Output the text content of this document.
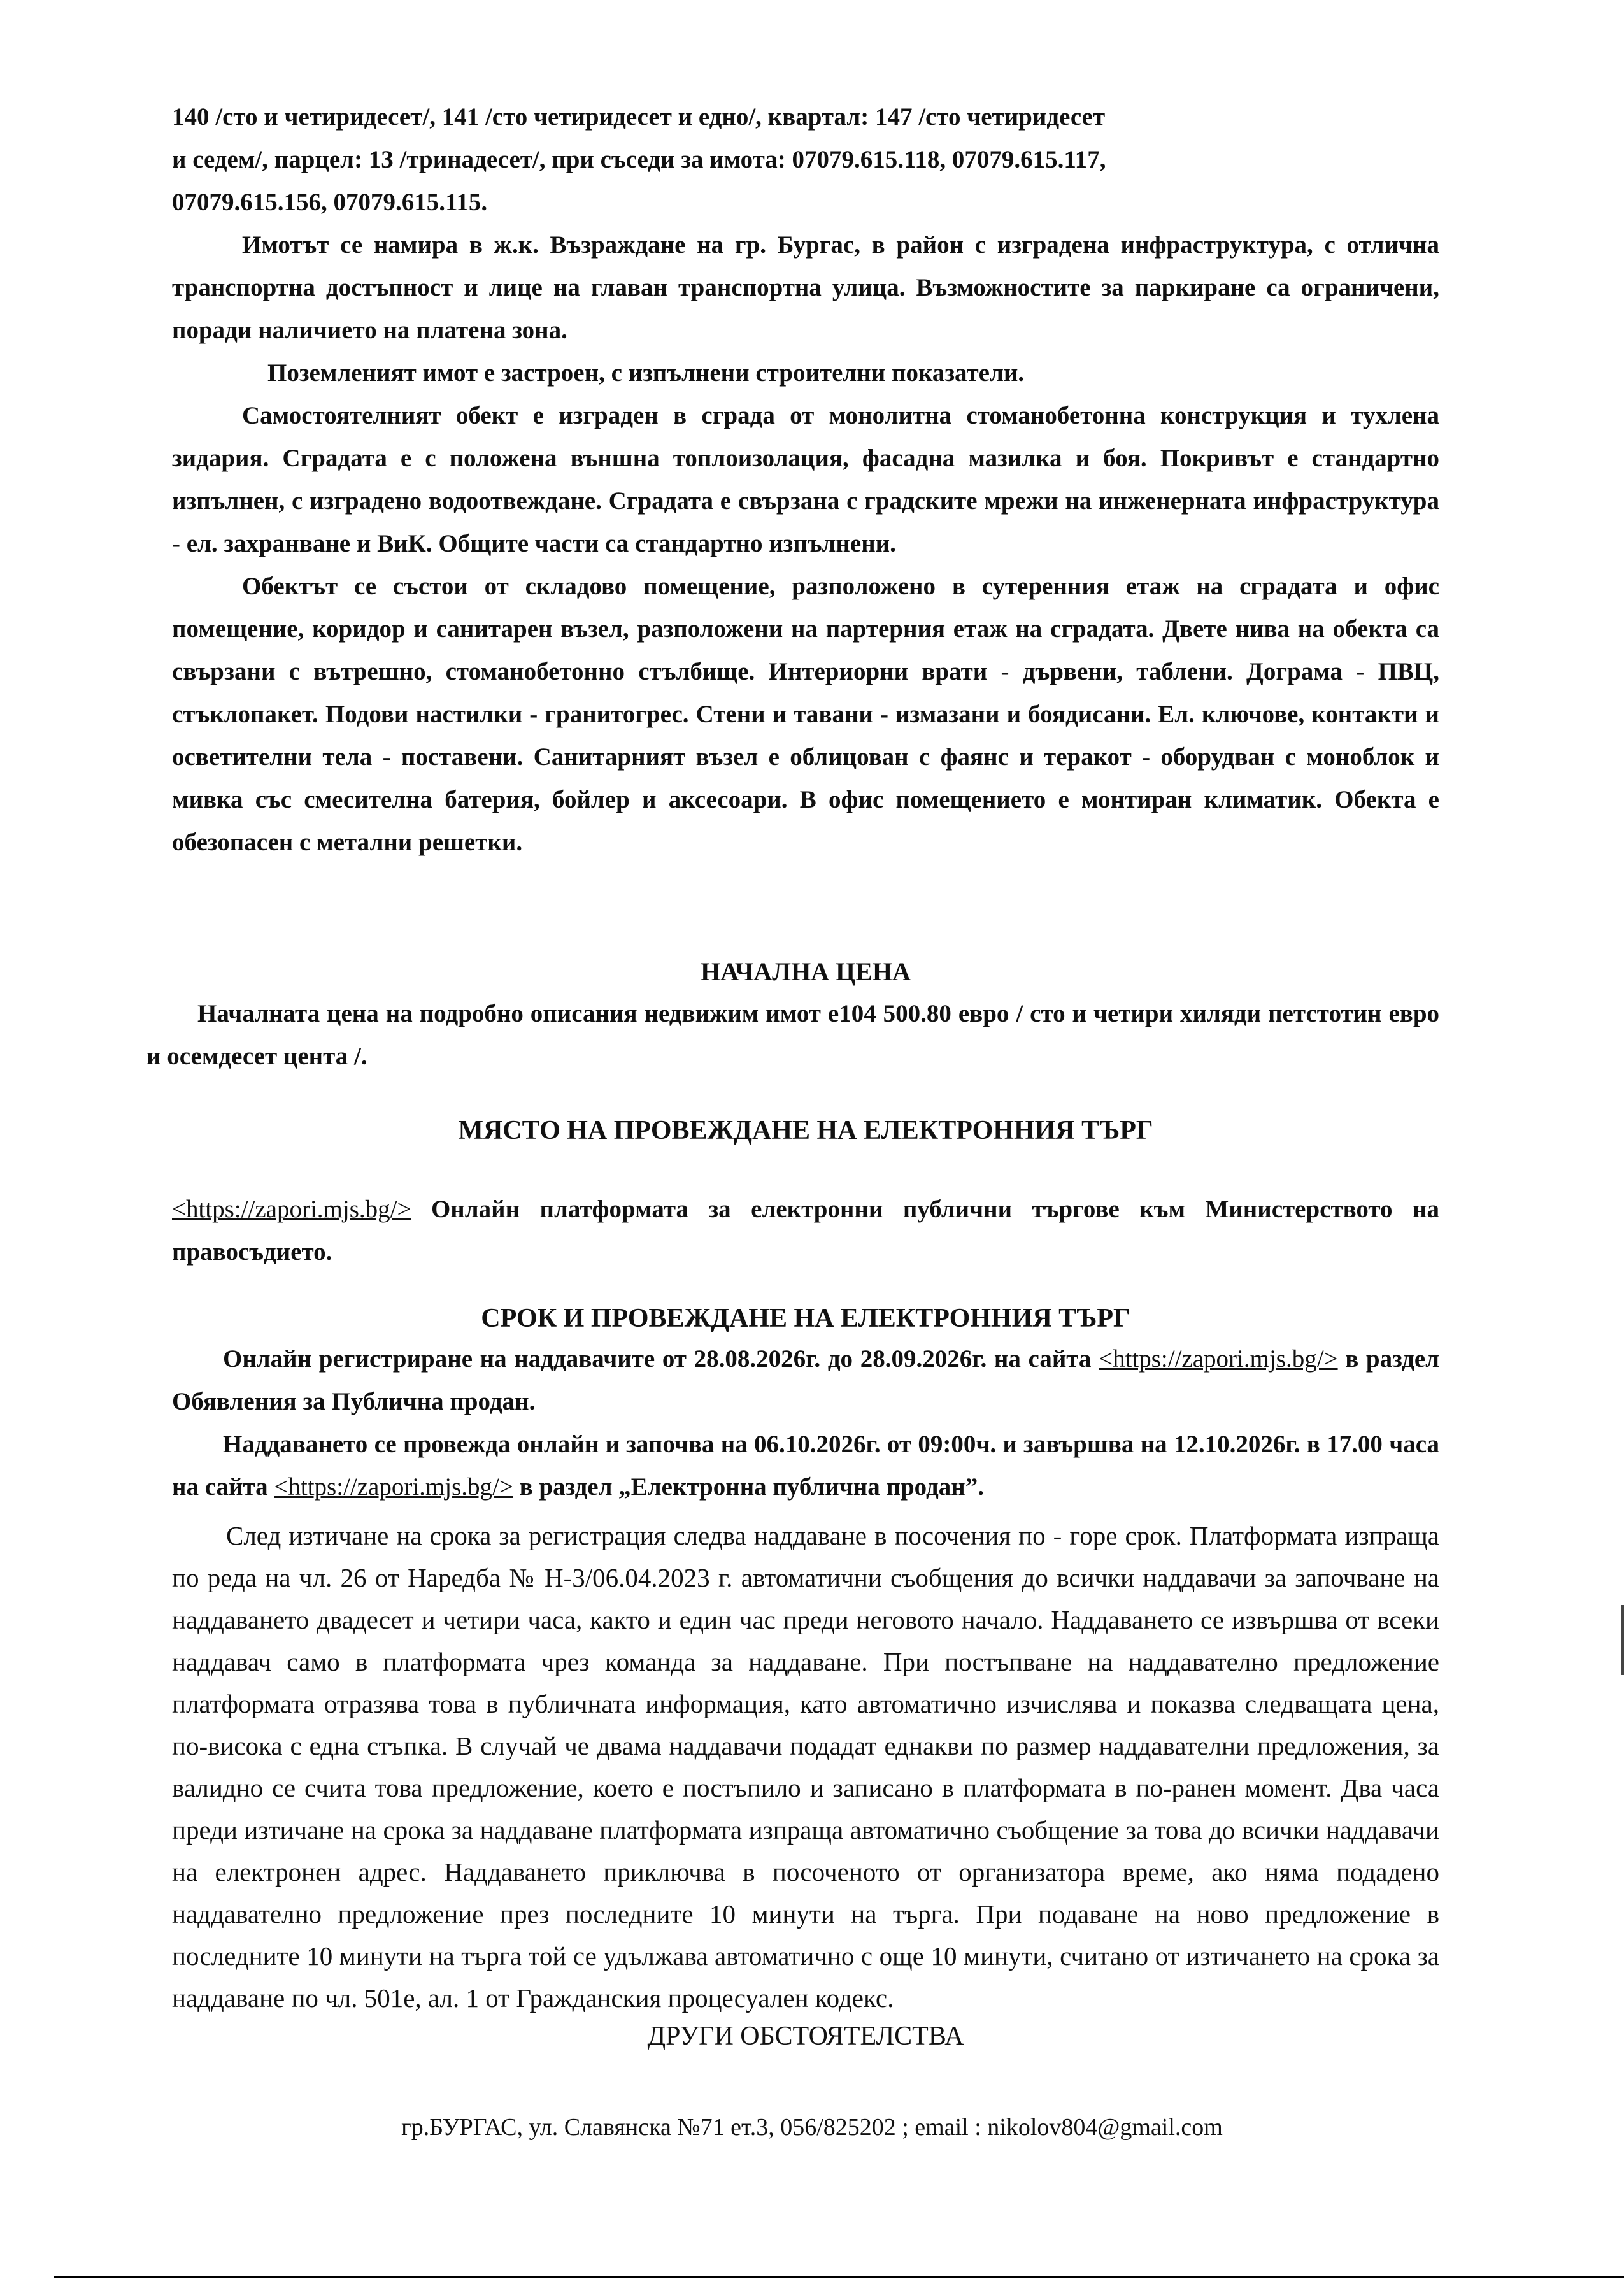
140 /сто и четиридесет/, 141 /сто четиридесет и едно/, квартал: 147 /сто четиридесет

и седем/, парцел: 13 /тринадесет/, при съседи за имота: 07079.615.118, 07079.615.117,

07079.615.156, 07079.615.115.

Имотът се намира в ж.к. Възраждане на гр. Бургас, в район с изградена инфраструктура, с отлична транспортна достъпност и лице на главан транспортна улица. Възможностите за паркиране са ограничени, поради наличието на платена зона.

Поземленият имот е застроен, с изпълнени строителни показатели.

Самостоятелният обект е изграден в сграда от монолитна стоманобетонна конструкция и тухлена зидария. Сградата е с положена външна топлоизолация, фасадна мазилка и боя. Покривът е стандартно изпълнен, с изградено водоотвеждане. Сградата е свързана с градските мрежи на инженерната инфраструктура - ел. захранване и ВиК. Общите части са стандартно изпълнени.

Обектът се състои от складово помещение, разположено в сутеренния етаж на сградата и офис помещение, коридор и санитарен възел, разположени на партерния етаж на сградата. Двете нива на обекта са свързани с вътрешно, стоманобетонно стълбище. Интериорни врати - дървени, таблени. Дограма - ПВЦ, стъклопакет. Подови настилки - гранитогрес. Стени и тавани - измазани и боядисани. Ел. ключове, контакти и осветителни тела - поставени. Санитарният възел е облицован с фаянс и теракот - оборудван с моноблок и мивка със смесителна батерия, бойлер и аксесоари. В офис помещението е монтиран климатик. Обекта е обезопасен с метални решетки.

НАЧАЛНА ЦЕНА

Началната цена на подробно описания недвижим имот е104 500.80 евро / сто и четири хиляди петстотин евро и осемдесет цента /.

МЯСТО НА ПРОВЕЖДАНЕ НА ЕЛЕКТРОННИЯ ТЪРГ

<https://zapori.mjs.bg/> Онлайн платформата за електронни публични търгове към Министерството на правосъдието.

СРОК И ПРОВЕЖДАНЕ НА ЕЛЕКТРОННИЯ ТЪРГ

Онлайн регистриране на наддавачите от 28.08.2026г. до 28.09.2026г. на сайта <https://zapori.mjs.bg/> в раздел Обявления за Публична продан.

Наддаването се провежда онлайн и започва на 06.10.2026г. от 09:00ч. и завършва на 12.10.2026г. в 17.00 часа на сайта <https://zapori.mjs.bg/> в раздел „Електронна публична продан”.

След изтичане на срока за регистрация следва наддаване в посочения по - горе срок. Платформата изпраща по реда на чл. 26 от Наредба № Н-3/06.04.2023 г. автоматични съобщения до всички наддавачи за започване на наддаването двадесет и четири часа, както и един час преди неговото начало. Наддаването се извършва от всеки наддавач само в платформата чрез команда за наддаване. При постъпване на наддавателно предложение платформата отразява това в публичната информация, като автоматично изчислява и показва следващата цена, по-висока с една стъпка. В случай че двама наддавачи подадат еднакви по размер наддавателни предложения, за валидно се счита това предложение, което е постъпило и записано в платформата в по-ранен момент. Два часа преди изтичане на срока за наддаване платформата изпраща автоматично съобщение за това до всички наддавачи на електронен адрес. Наддаването приключва в посоченото от организатора време, ако няма подадено наддавателно предложение през последните 10 минути на търга. При подаване на ново предложение в последните 10 минути на търга той се удължава автоматично с още 10 минути, считано от изтичането на срока за наддаване по чл. 501е, ал. 1 от Гражданския процесуален кодекс.

ДРУГИ ОБСТОЯТЕЛСТВА

гр.БУРГАС, ул. Славянска №71 ет.3, 056/825202 ; email : nikolov804@gmail.com
